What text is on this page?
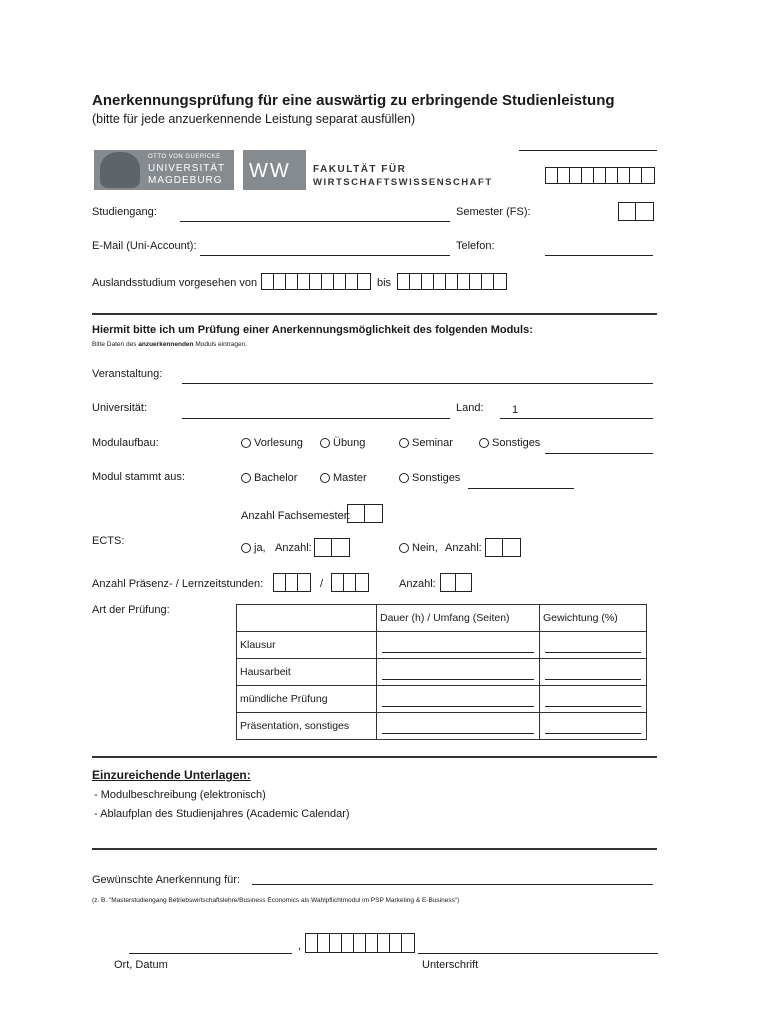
Anerkennungsprüfung für eine auswärtig zu erbringende Studienleistung
(bitte für jede anzuerkennende Leistung separat ausfüllen)
OTTO VON GUERICKE
UNIVERSITÄT
MAGDEBURG WW FAKULTÄT FÜR
WIRTSCHAFTSWISSENSCHAFT
Studiengang:	Semester (FS):
E-Mail (Uni-Account):	Telefon:
Auslandsstudium vorgesehen von	bis
Hiermit bitte ich um Prüfung einer Anerkennungsmöglichkeit des folgenden Moduls:
Bitte Daten des anzuerkennenden Moduls eintragen.
Veranstaltung:
Universität:	Land:	1
Modulaufbau:	Vorlesung	Übung	Seminar	Sonstiges
Modul stammt aus:	Bachelor	Master	Sonstiges
Anzahl Fachsemester:
ECTS:
ja, Anzahl:	Nein, Anzahl:
Anzahl Präsenz- / Lernzeitstunden:	/	Anzahl:
Art der Prüfung:
	Dauer (h) / Umfang (Seiten)	Gewichtung (%)
Klausur	

Hausarbeit	

mündliche Prüfung	

Präsentation, sonstiges	

Einzureichende Unterlagen:
- Modulbeschreibung (elektronisch)
- Ablaufplan des Studienjahres (Academic Calendar)
Gewünschte Anerkennung für:
(z. B. "Masterstudiengang Betriebswirtschaftslehre/Business Economics als Wahlpflichtmodul im PSP Marketing & E-Business")
,
Ort, Datum	Unterschrift
